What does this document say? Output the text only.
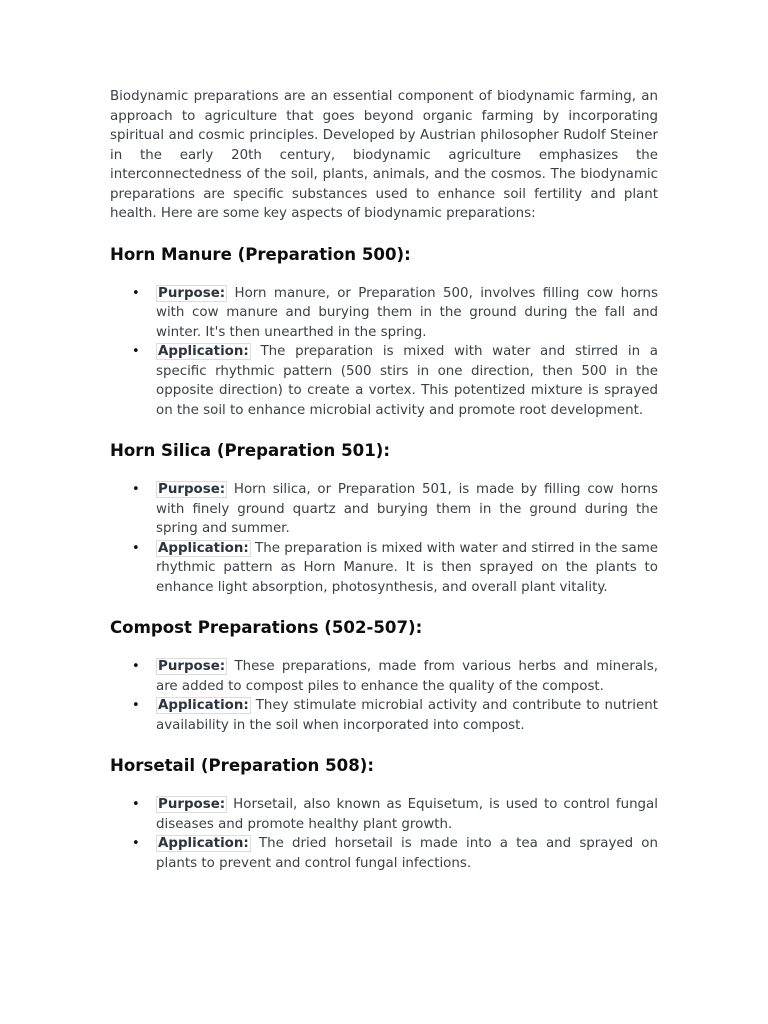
Biodynamic preparations are an essential component of biodynamic farming, an approach to agriculture that goes beyond organic farming by incorporating spiritual and cosmic principles. Developed by Austrian philosopher Rudolf Steiner in the early 20th century, biodynamic agriculture emphasizes the interconnectedness of the soil, plants, animals, and the cosmos. The biodynamic preparations are specific substances used to enhance soil fertility and plant health. Here are some key aspects of biodynamic preparations:

Horn Manure (Preparation 500):
• Purpose: Horn manure, or Preparation 500, involves filling cow horns with cow manure and burying them in the ground during the fall and winter. It's then unearthed in the spring.
• Application: The preparation is mixed with water and stirred in a specific rhythmic pattern (500 stirs in one direction, then 500 in the opposite direction) to create a vortex. This potentized mixture is sprayed on the soil to enhance microbial activity and promote root development.
Horn Silica (Preparation 501):
• Purpose: Horn silica, or Preparation 501, is made by filling cow horns with finely ground quartz and burying them in the ground during the spring and summer.
• Application: The preparation is mixed with water and stirred in the same rhythmic pattern as Horn Manure. It is then sprayed on the plants to enhance light absorption, photosynthesis, and overall plant vitality.
Compost Preparations (502-507):
• Purpose: These preparations, made from various herbs and minerals, are added to compost piles to enhance the quality of the compost.
• Application: They stimulate microbial activity and contribute to nutrient availability in the soil when incorporated into compost.
Horsetail (Preparation 508):
• Purpose: Horsetail, also known as Equisetum, is used to control fungal diseases and promote healthy plant growth.
• Application: The dried horsetail is made into a tea and sprayed on plants to prevent and control fungal infections.
